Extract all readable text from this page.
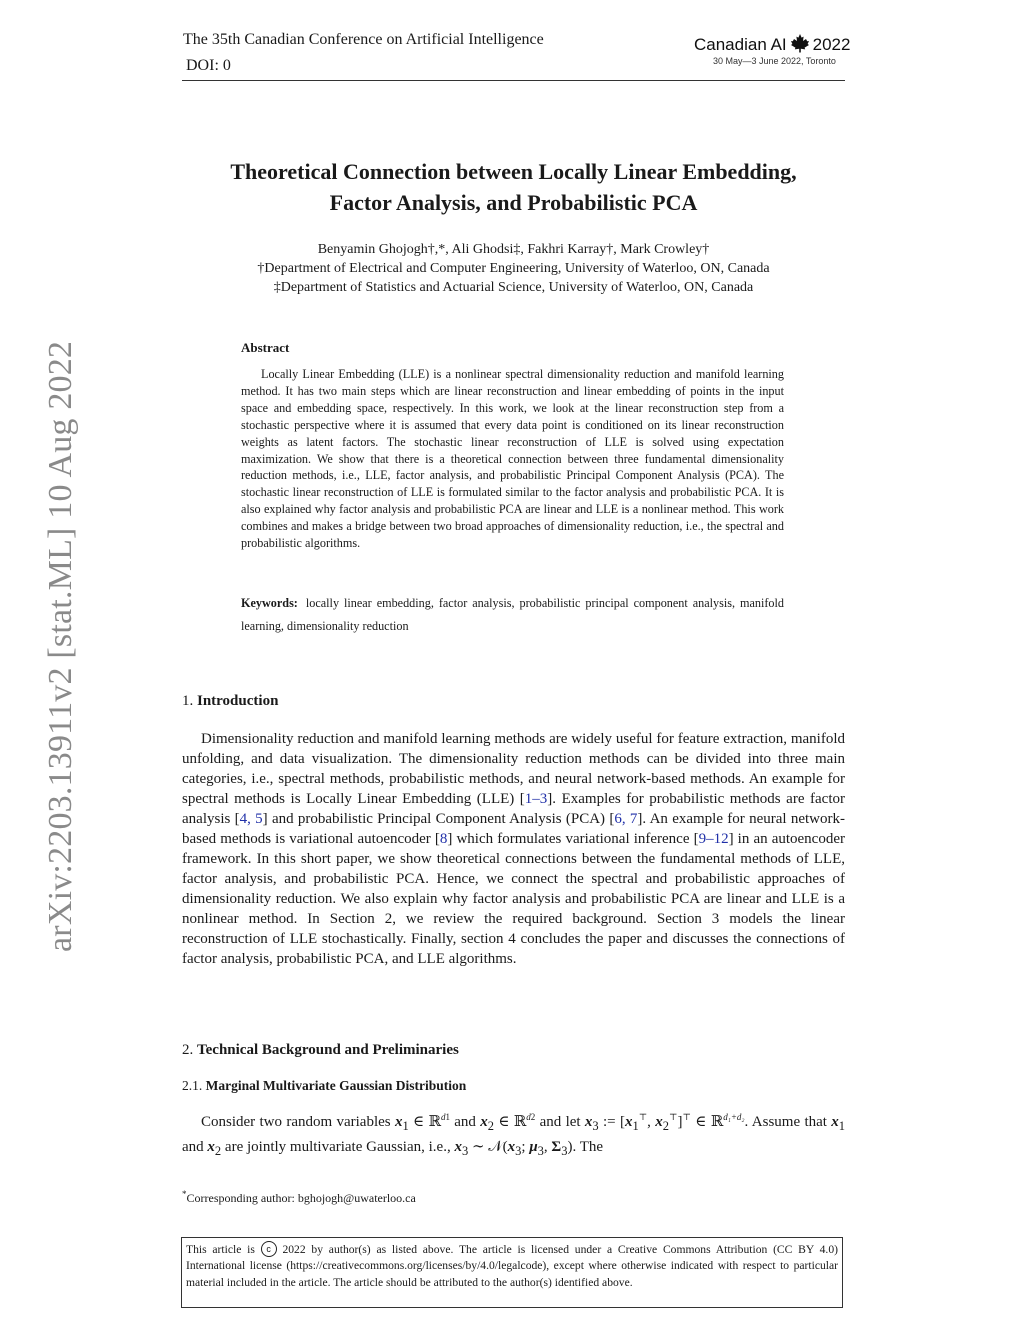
The 35th Canadian Conference on Artificial Intelligence
DOI: 0
Canadian AI 2022
30 May—3 June 2022, Toronto
arXiv:2203.13911v2 [stat.ML] 10 Aug 2022
Theoretical Connection between Locally Linear Embedding,
Factor Analysis, and Probabilistic PCA
Benyamin Ghojogh†,*, Ali Ghodsi‡, Fakhri Karray†, Mark Crowley†
†Department of Electrical and Computer Engineering, University of Waterloo, ON, Canada
‡Department of Statistics and Actuarial Science, University of Waterloo, ON, Canada
Abstract
Locally Linear Embedding (LLE) is a nonlinear spectral dimensionality reduction and manifold learning method. It has two main steps which are linear reconstruction and linear embedding of points in the input space and embedding space, respectively. In this work, we look at the linear reconstruction step from a stochastic perspective where it is assumed that every data point is conditioned on its linear reconstruction weights as latent factors. The stochastic linear reconstruction of LLE is solved using expectation maximization. We show that there is a theoretical connection between three fundamental dimensionality reduction methods, i.e., LLE, factor analysis, and probabilistic Principal Component Analysis (PCA). The stochastic linear reconstruction of LLE is formulated similar to the factor analysis and probabilistic PCA. It is also explained why factor analysis and probabilistic PCA are linear and LLE is a nonlinear method. This work combines and makes a bridge between two broad approaches of dimensionality reduction, i.e., the spectral and probabilistic algorithms.
Keywords: locally linear embedding, factor analysis, probabilistic principal component analysis, manifold learning, dimensionality reduction
1. Introduction
Dimensionality reduction and manifold learning methods are widely useful for feature extraction, manifold unfolding, and data visualization. The dimensionality reduction methods can be divided into three main categories, i.e., spectral methods, probabilistic methods, and neural network-based methods. An example for spectral methods is Locally Linear Embedding (LLE) [1–3]. Examples for probabilistic methods are factor analysis [4, 5] and probabilistic Principal Component Analysis (PCA) [6, 7]. An example for neural network-based methods is variational autoencoder [8] which formulates variational inference [9–12] in an autoencoder framework. In this short paper, we show theoretical connections between the fundamental methods of LLE, factor analysis, and probabilistic PCA. Hence, we connect the spectral and probabilistic approaches of dimensionality reduction. We also explain why factor analysis and probabilistic PCA are linear and LLE is a nonlinear method. In Section 2, we review the required background. Section 3 models the linear reconstruction of LLE stochastically. Finally, section 4 concludes the paper and discusses the connections of factor analysis, probabilistic PCA, and LLE algorithms.
2. Technical Background and Preliminaries
2.1. Marginal Multivariate Gaussian Distribution
Consider two random variables $x_1$ ∈ ℝ$^{d1}$ and $x_2$ ∈ ℝ$^{d2}$ and let $x_3$ := [$x_1^⊤$, $x_2^⊤]^⊤$ ∈ ℝ$^{d_1+d_2}$. Assume that $x_1$ and $x_2$ are jointly multivariate Gaussian, i.e., $x_3$ ∼ $𝒩(x_3$; $\mu_3$, $\Sigma_3$). The
*Corresponding author: bghojogh@uwaterloo.ca
This article is c 2022 by author(s) as listed above. The article is licensed under a Creative Commons Attribution (CC BY 4.0) International license (https://creativecommons.org/licenses/by/4.0/legalcode), except where otherwise indicated with respect to particular material included in the article. The article should be attributed to the author(s) identified above.
